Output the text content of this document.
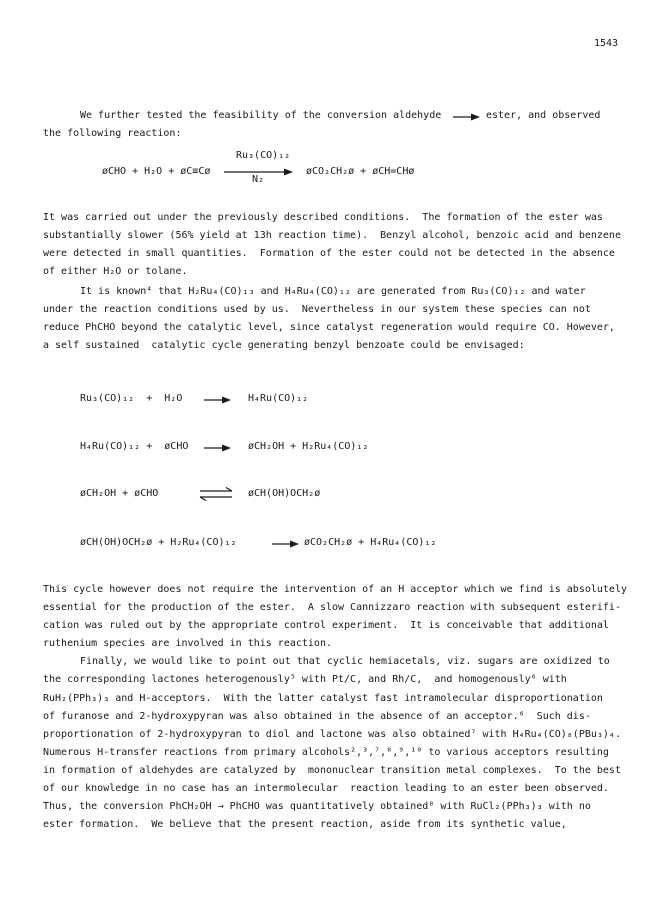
1543
We further tested the feasibility of the conversion aldehyde	ester, and observed
the following reaction:
øCHO + H₂O + øC≡Cø
Ru₃(CO)₁₂
N₂
øCO₂CH₂ø + øCH=CHø
It was carried out under the previously described conditions.  The formation of the ester was
substantially slower (56% yield at 13h reaction time).  Benzyl alcohol, benzoic acid and benzene
were detected in small quantities.  Formation of the ester could not be detected in the absence
of either H₂O or tolane.
It is known⁴ that H₂Ru₄(CO)₁₃ and H₄Ru₄(CO)₁₂ are generated from Ru₃(CO)₁₂ and water
under the reaction conditions used by us.  Nevertheless in our system these species can not
reduce PhCHO beyond the catalytic level, since catalyst regeneration would require CO. However,
a self sustained  catalytic cycle generating benzyl benzoate could be envisaged:
Ru₃(CO)₁₂  +  H₂O	H₄Ru(CO)₁₂
H₄Ru(CO)₁₂ +  øCHO	øCH₂OH + H₂Ru₄(CO)₁₂
øCH₂OH + øCHO ⇌ øCH(OH)OCH₂ø
øCH(OH)OCH₂ø + H₂Ru₄(CO)₁₂	øCO₂CH₂ø + H₄Ru₄(CO)₁₂
This cycle however does not require the intervention of an H acceptor which we find is absolutely
essential for the production of the ester.  A slow Cannizzaro reaction with subsequent esterifi-
cation was ruled out by the appropriate control experiment.  It is conceivable that additional
ruthenium species are involved in this reaction.
Finally, we would like to point out that cyclic hemiacetals, viz. sugars are oxidized to
the corresponding lactones heterogenously⁵ with Pt/C, and Rh/C,  and homogenously⁶ with
RuH₂(PPh₃)₃ and H-acceptors.  With the latter catalyst fast intramolecular disproportionation
of furanose and 2-hydroxypyran was also obtained in the absence of an acceptor.⁶  Such dis-
proportionation of 2-hydroxypyran to diol and lactone was also obtained⁷ with H₄Ru₄(CO)₈(PBu₃)₄.
Numerous H-transfer reactions from primary alcohols²,³,⁷,⁸,⁹,¹⁰ to various acceptors resulting
in formation of aldehydes are catalyzed by  mononuclear transition metal complexes.  To the best
of our knowledge in no case has an intermolecular  reaction leading to an ester been observed.
Thus, the conversion PhCH₂OH → PhCHO was quantitatively obtained⁸ with RuCl₂(PPh₃)₃ with no
ester formation.  We believe that the present reaction, aside from its synthetic value,
